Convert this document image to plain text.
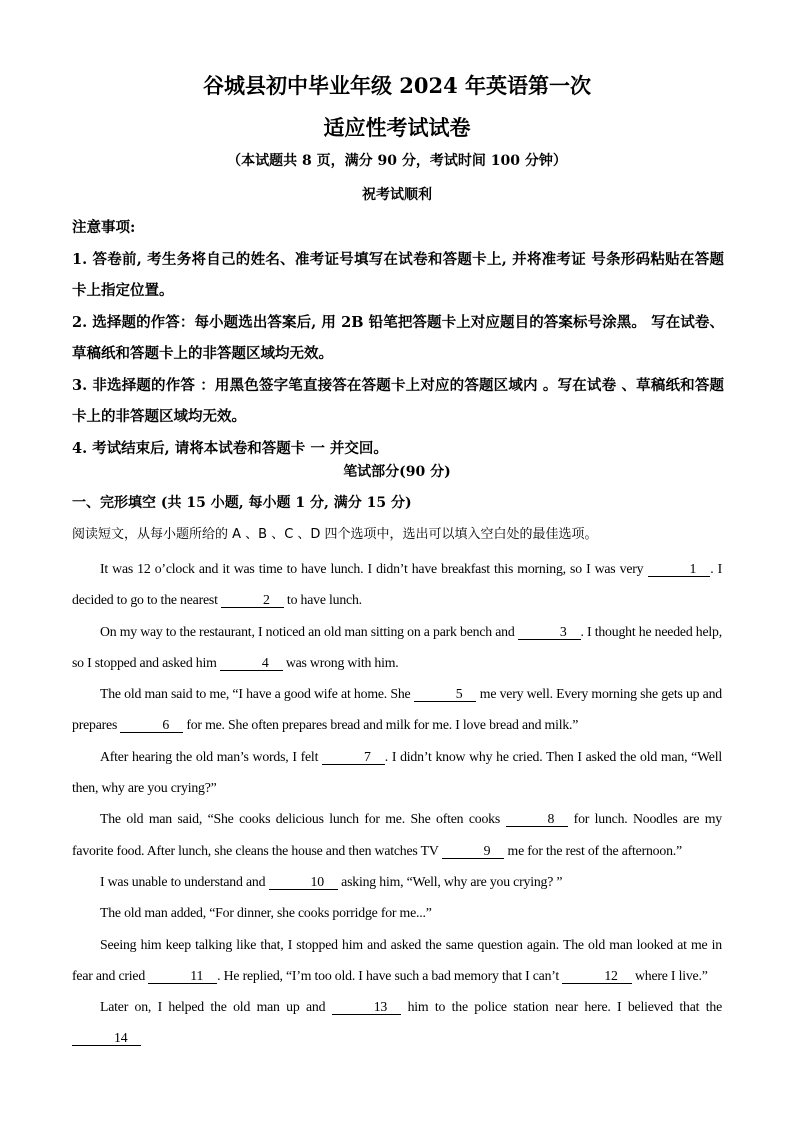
谷城县初中毕业年级 2024 年英语第一次
适应性考试试卷
（本试题共 8 页，满分 90 分，考试时间 100 分钟）
祝考试顺利

注意事项:

1. 答卷前, 考生务将自己的姓名、准考证号填写在试卷和答题卡上, 并将准考证 号条形码粘贴在答题卡上指定位置。

2. 选择题的作答：每小题选出答案后, 用 2B 铅笔把答题卡上对应题目的答案标号涂黑。 写在试卷、草稿纸和答题卡上的非答题区域均无效。

3. 非选择题的作答 ：用黑色签字笔直接答在答题卡上对应的答题区域内 。写在试卷 、草稿纸和答题卡上的非答题区域均无效。

4. 考试结束后, 请将本试卷和答题卡 一 并交回。

笔试部分(90 分)
一、完形填空 (共 15 小题, 每小题 1 分, 满分 15 分)
阅读短文，从每小题所给的 A 、B 、C 、D 四个选项中，选出可以填入空白处的最佳选项。

It was 12 o’clock and it was time to have lunch. I didn’t have breakfast this morning, so I was very	1 . I decided to go to the nearest	2 to have lunch.

On my way to the restaurant, I noticed an old man sitting on a park bench and	3 . I thought he needed help, so I stopped and asked him	4 was wrong with him.

The old man said to me, “I have a good wife at home. She	5 me very well. Every morning she gets up and prepares	6 for me. She often prepares bread and milk for me. I love bread and milk.”

After hearing the old man’s words, I felt	7 . I didn’t know why he cried. Then I asked the old man, “Well then, why are you crying?”

The old man said, “She cooks delicious lunch for me. She often cooks	8 for lunch. Noodles are my favorite food. After lunch, she cleans the house and then watches TV	9 me for the rest of the afternoon.”

I was unable to understand and	10 asking him, “Well, why are you crying? ”

The old man added, “For dinner, she cooks porridge for me...”

Seeing him keep talking like that, I stopped him and asked the same question again. The old man looked at me in fear and cried	11 . He replied, “I’m too old. I have such a bad memory that I can’t	12 where I live.”

Later on, I helped the old man up and	13 him to the police station near here. I believed that the 14
